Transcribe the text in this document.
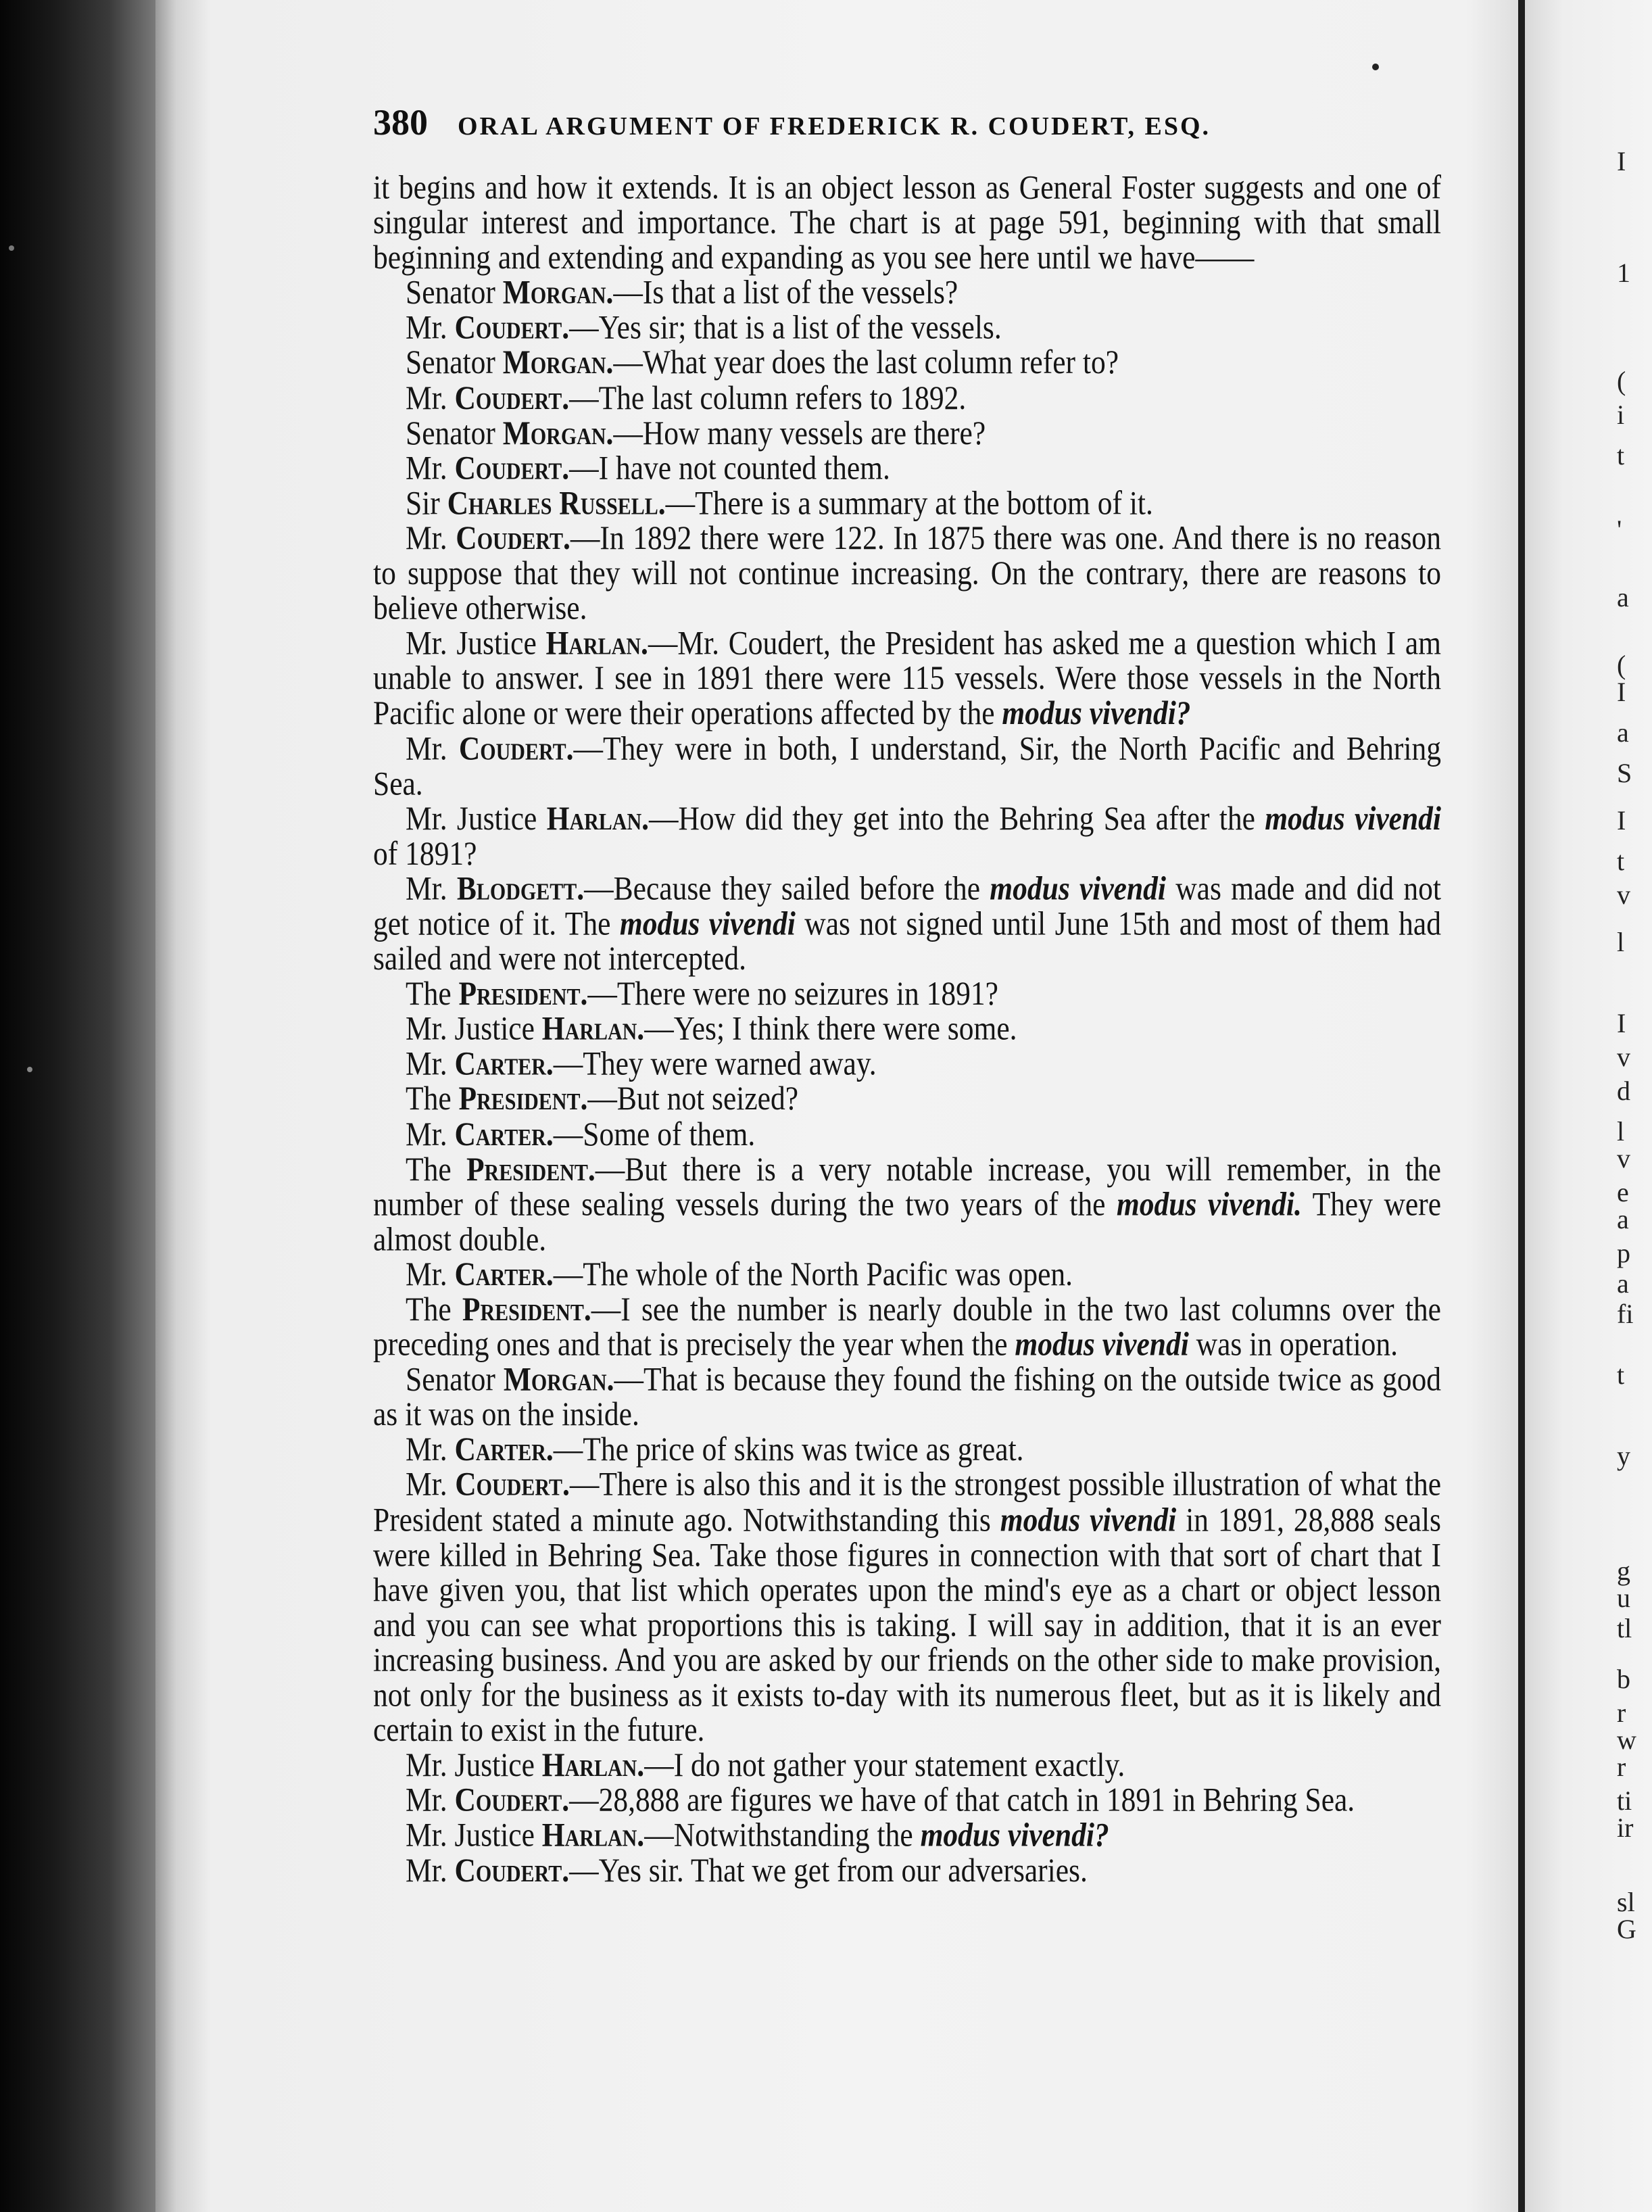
380 ORAL ARGUMENT OF FREDERICK R. COUDERT, ESQ.

it begins and how it extends. It is an object lesson as General Foster suggests and one of singular interest and importance. The chart is at page 591, beginning with that small beginning and extending and expanding as you see here until we have——

Senator Morgan.—Is that a list of the vessels?

Mr. Coudert.—Yes sir; that is a list of the vessels.

Senator Morgan.—What year does the last column refer to?

Mr. Coudert.—The last column refers to 1892.

Senator Morgan.—How many vessels are there?

Mr. Coudert.—I have not counted them.

Sir Charles Russell.—There is a summary at the bottom of it.

Mr. Coudert.—In 1892 there were 122. In 1875 there was one. And there is no reason to suppose that they will not continue increasing. On the contrary, there are reasons to believe otherwise.

Mr. Justice Harlan.—Mr. Coudert, the President has asked me a question which I am unable to answer. I see in 1891 there were 115 vessels. Were those vessels in the North Pacific alone or were their operations affected by the modus vivendi?

Mr. Coudert.—They were in both, I understand, Sir, the North Pacific and Behring Sea.

Mr. Justice Harlan.—How did they get into the Behring Sea after the modus vivendi of 1891?

Mr. Blodgett.—Because they sailed before the modus vivendi was made and did not get notice of it. The modus vivendi was not signed until June 15th and most of them had sailed and were not intercepted.

The President.—There were no seizures in 1891?

Mr. Justice Harlan.—Yes; I think there were some.

Mr. Carter.—They were warned away.

The President.—But not seized?

Mr. Carter.—Some of them.

The President.—But there is a very notable increase, you will remember, in the number of these sealing vessels during the two years of the modus vivendi. They were almost double.

Mr. Carter.—The whole of the North Pacific was open.

The President.—I see the number is nearly double in the two last columns over the preceding ones and that is precisely the year when the modus vivendi was in operation.

Senator Morgan.—That is because they found the fishing on the outside twice as good as it was on the inside.

Mr. Carter.—The price of skins was twice as great.

Mr. Coudert.—There is also this and it is the strongest possible illustration of what the President stated a minute ago. Notwithstanding this modus vivendi in 1891, 28,888 seals were killed in Behring Sea. Take those figures in connection with that sort of chart that I have given you, that list which operates upon the mind's eye as a chart or object lesson and you can see what proportions this is taking. I will say in addition, that it is an ever increasing business. And you are asked by our friends on the other side to make provision, not only for the business as it exists to-day with its numerous fleet, but as it is likely and certain to exist in the future.

Mr. Justice Harlan.—I do not gather your statement exactly.

Mr. Coudert.—28,888 are figures we have of that catch in 1891 in Behring Sea.

Mr. Justice Harlan.—Notwithstanding the modus vivendi?

Mr. Coudert.—Yes sir. That we get from our adversaries.

I
1
(
i
t
'
a
(
I
a
S
I
t
v
l
I
v
d
l
v
e
a
p
a
fi
t
y
g
u
tl
b
r
w
r
ti
ir
sl
G
